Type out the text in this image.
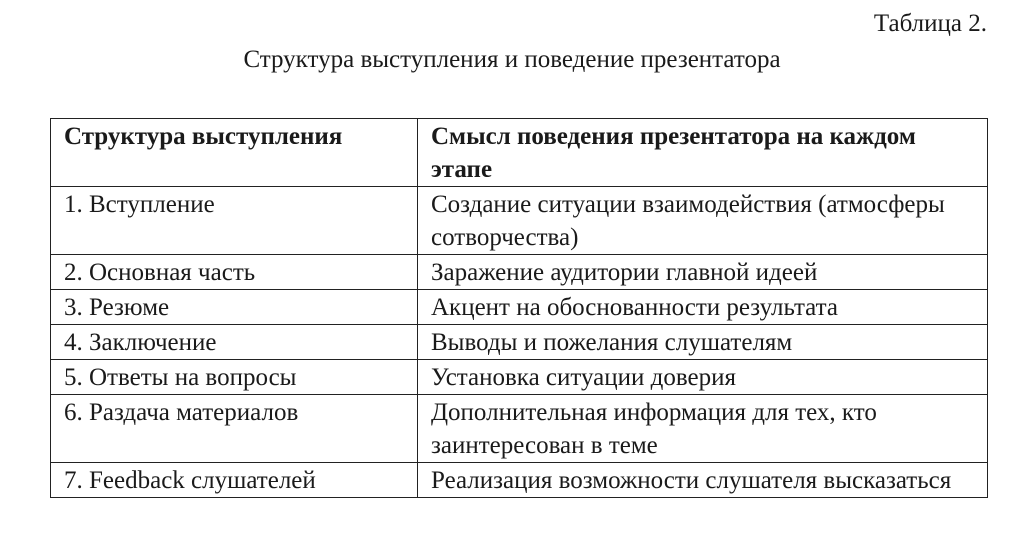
Таблица 2.
Структура выступления и поведение презентатора
Структура выступления	Смысл поведения презентатора на каждом этапе
1. Вступление	Создание ситуации взаимодействия (атмосферы сотворчества)
2. Основная часть	Заражение аудитории главной идеей
3. Резюме	Акцент на обоснованности результата
4. Заключение	Выводы и пожелания слушателям
5. Ответы на вопросы	Установка ситуации доверия
6. Раздача материалов	Дополнительная информация для тех, кто заинтересован в теме
7. Feedback слушателей	Реализация возможности слушателя высказаться
